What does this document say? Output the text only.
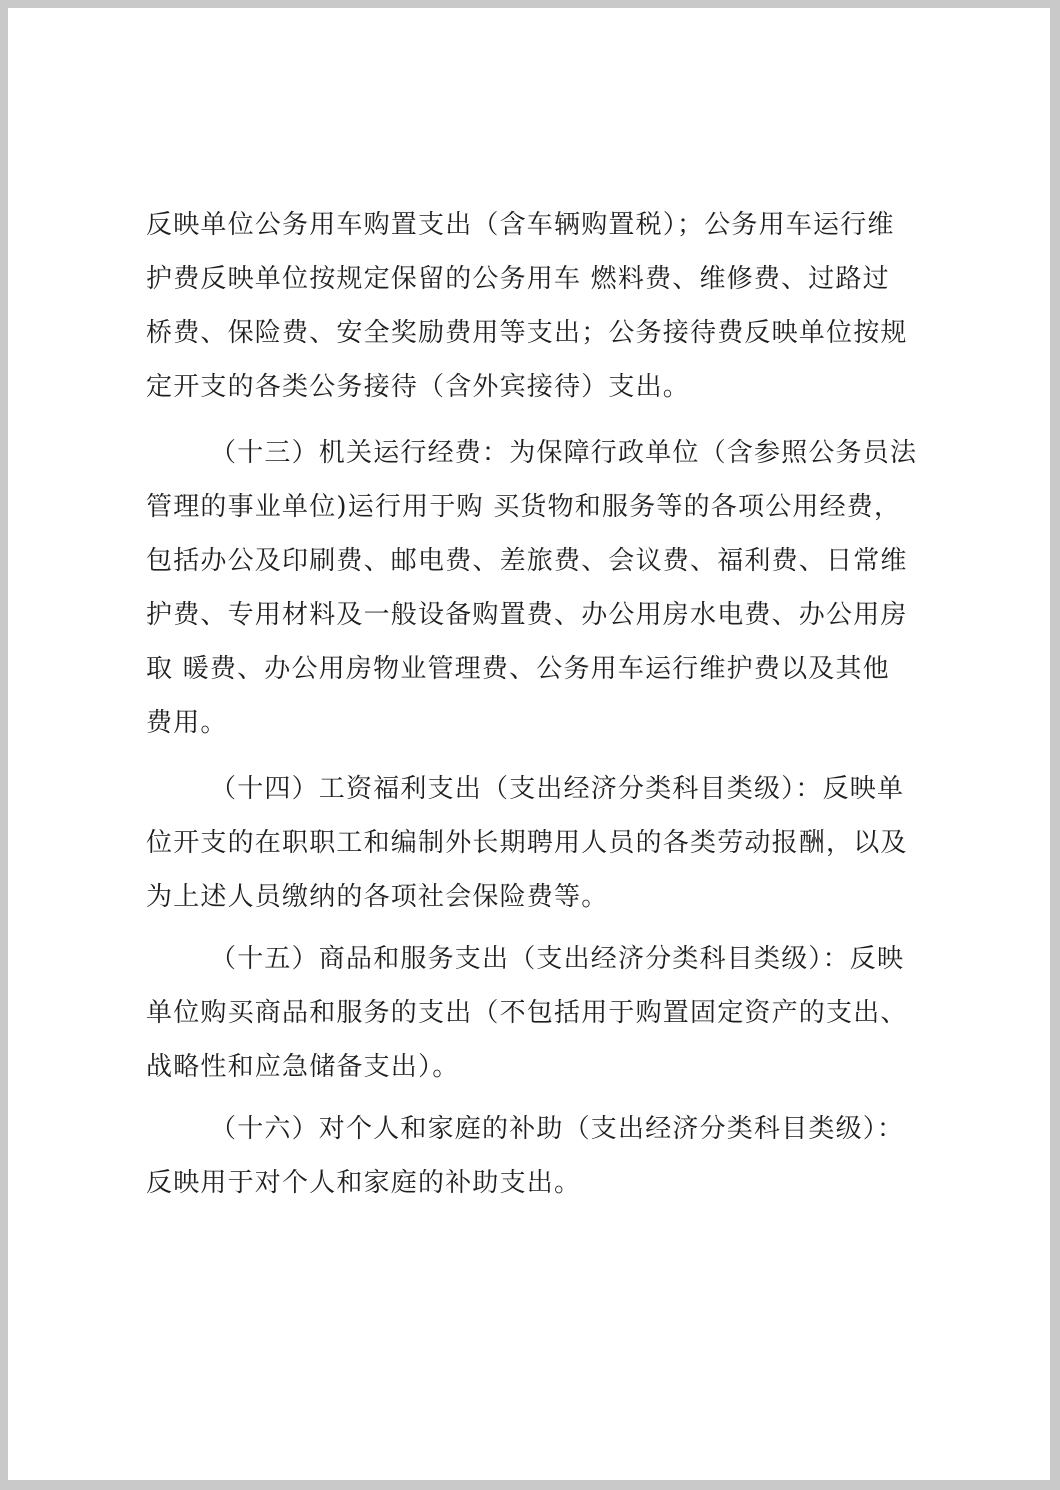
反映单位公务用车购置支出（含车辆购置税）；公务用车运行维
护费反映单位按规定保留的公务用车 燃料费、维修费、过路过
桥费、保险费、安全奖励费用等支出；公务接待费反映单位按规
定开支的各类公务接待（含外宾接待）支出。
（十三）机关运行经费：为保障行政单位（含参照公务员法
管理的事业单位)运行用于购 买货物和服务等的各项公用经费，
包括办公及印刷费、邮电费、差旅费、会议费、福利费、日常维
护费、专用材料及一般设备购置费、办公用房水电费、办公用房
取 暖费、办公用房物业管理费、公务用车运行维护费以及其他
费用。
（十四）工资福利支出（支出经济分类科目类级）：反映单
位开支的在职职工和编制外长期聘用人员的各类劳动报酬，以及
为上述人员缴纳的各项社会保险费等。
（十五）商品和服务支出（支出经济分类科目类级）：反映
单位购买商品和服务的支出（不包括用于购置固定资产的支出、
战略性和应急储备支出）。
（十六）对个人和家庭的补助（支出经济分类科目类级）：
反映用于对个人和家庭的补助支出。
